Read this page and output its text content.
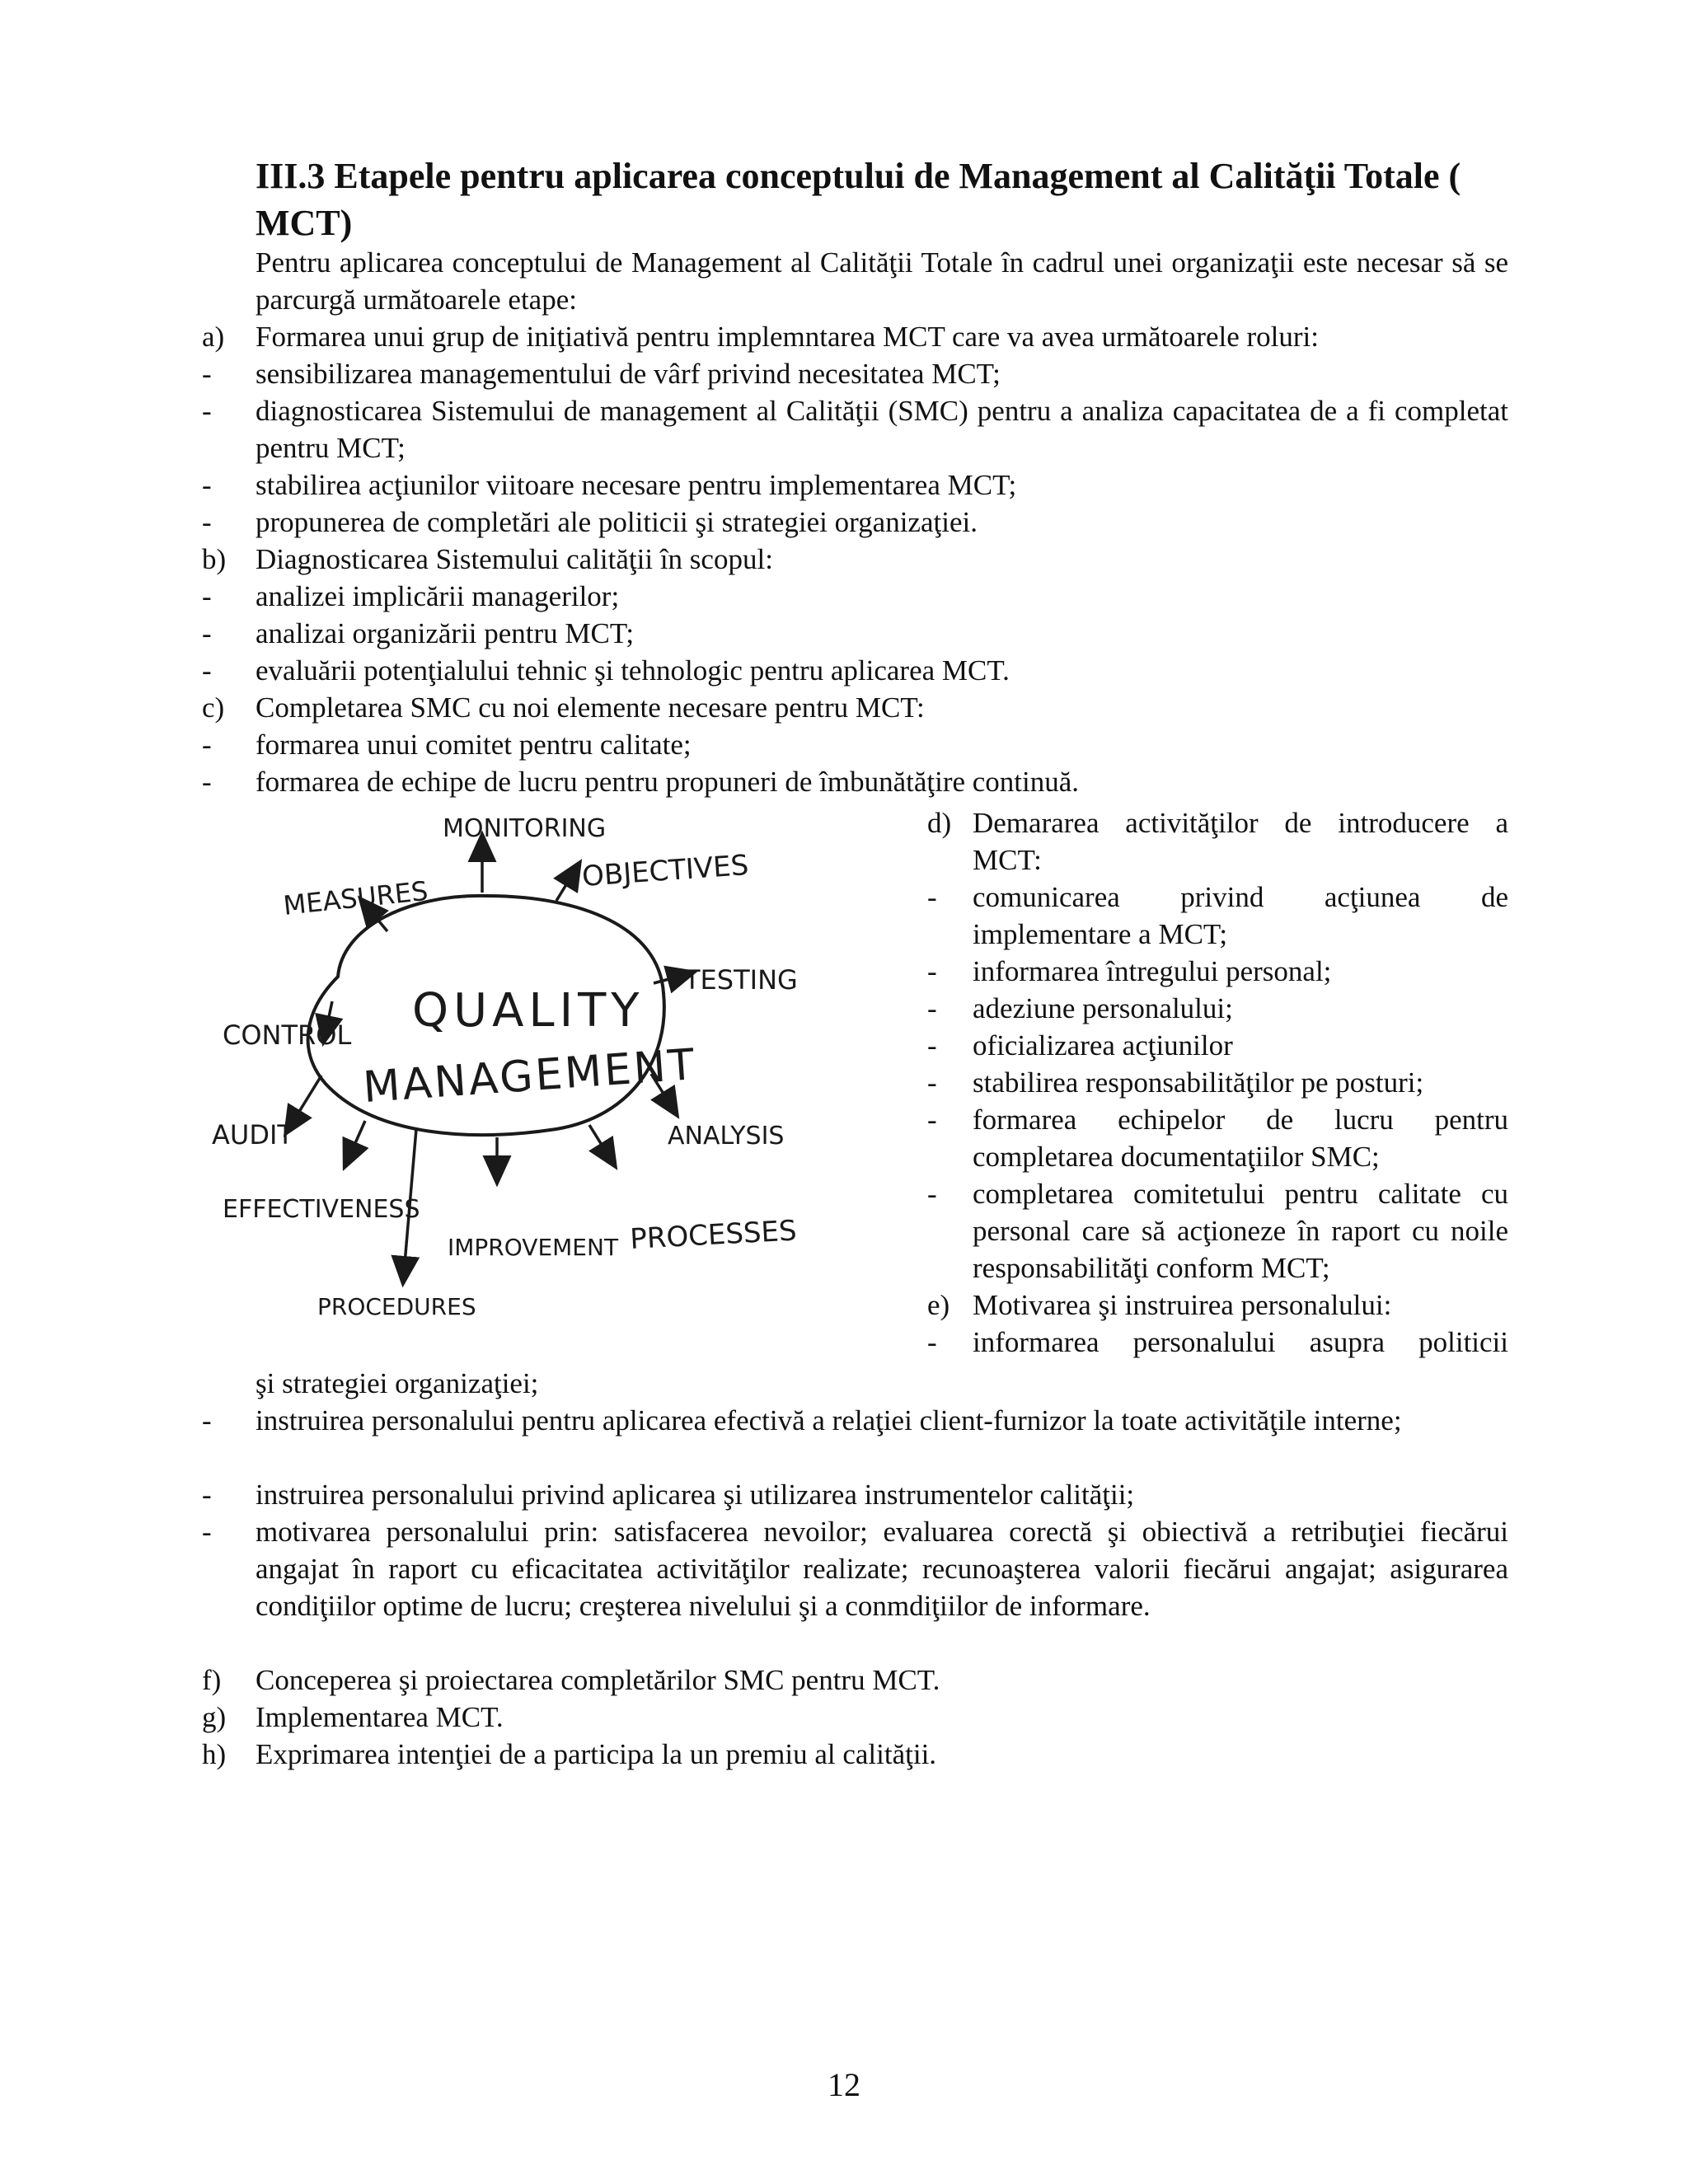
III.3 Etapele pentru aplicarea conceptului de Management al Calităţii Totale ( MCT)
Pentru aplicarea conceptului de Management al Calităţii Totale în cadrul unei organizaţii este necesar să se parcurgă următoarele etape:
a) Formarea unui grup de iniţiativă pentru implemntarea MCT care va avea următoarele roluri:
- sensibilizarea managementului de vârf privind necesitatea MCT;
- diagnosticarea Sistemului de management al Calităţii (SMC) pentru a analiza capacitatea de a fi completat pentru MCT;
- stabilirea acţiunilor viitoare necesare pentru implementarea MCT;
- propunerea de completări ale politicii şi strategiei organizaţiei.
b) Diagnosticarea Sistemului calităţii în scopul:
- analizei implicării managerilor;
- analizai organizării pentru MCT;
- evaluării potenţialului tehnic şi tehnologic pentru aplicarea MCT.
c) Completarea SMC cu noi elemente necesare pentru MCT:
- formarea unui comitet pentru calitate;
- formarea de echipe de lucru pentru propuneri de îmbunătăţire continuă.
şi strategiei organizaţiei;
- instruirea personalului pentru aplicarea efectivă a relaţiei client-furnizor la toate activităţile interne;
- instruirea personalului privind aplicarea şi utilizarea instrumentelor calităţii;
- motivarea personalului prin: satisfacerea nevoilor; evaluarea corectă şi obiectivă a retribuţiei fiecărui angajat în raport cu eficacitatea activităţilor realizate; recunoaşterea valorii fiecărui angajat; asigurarea condiţiilor optime de lucru; creşterea nivelului şi a conmdiţiilor de informare.
f) Conceperea şi proiectarea completărilor SMC pentru MCT.
g) Implementarea MCT.
h) Exprimarea intenţiei de a participa la un premiu al calităţii.
d) Demararea activităţilor de introducere a MCT:
- comunicarea privind acţiunea de implementare a MCT;
- informarea întregului personal;
- adeziune personalului;
- oficializarea acţiunilor
- stabilirea responsabilităţilor pe posturi;
- formarea echipelor de lucru pentru completarea documentaţiilor SMC;
- completarea comitetului pentru calitate cu personal care să acţioneze în raport cu noile responsabilităţi conform MCT;
e) Motivarea şi instruirea personalului:
- informarea personalului asupra politicii
QUALITY
MANAGEMENT
MONITORING
OBJECTIVES
MEASURES
TESTING
CONTROL
AUDIT	ANALYSIS
EFFECTIVENESS
IMPROVEMENT PROCESSES
PROCEDURES
12
